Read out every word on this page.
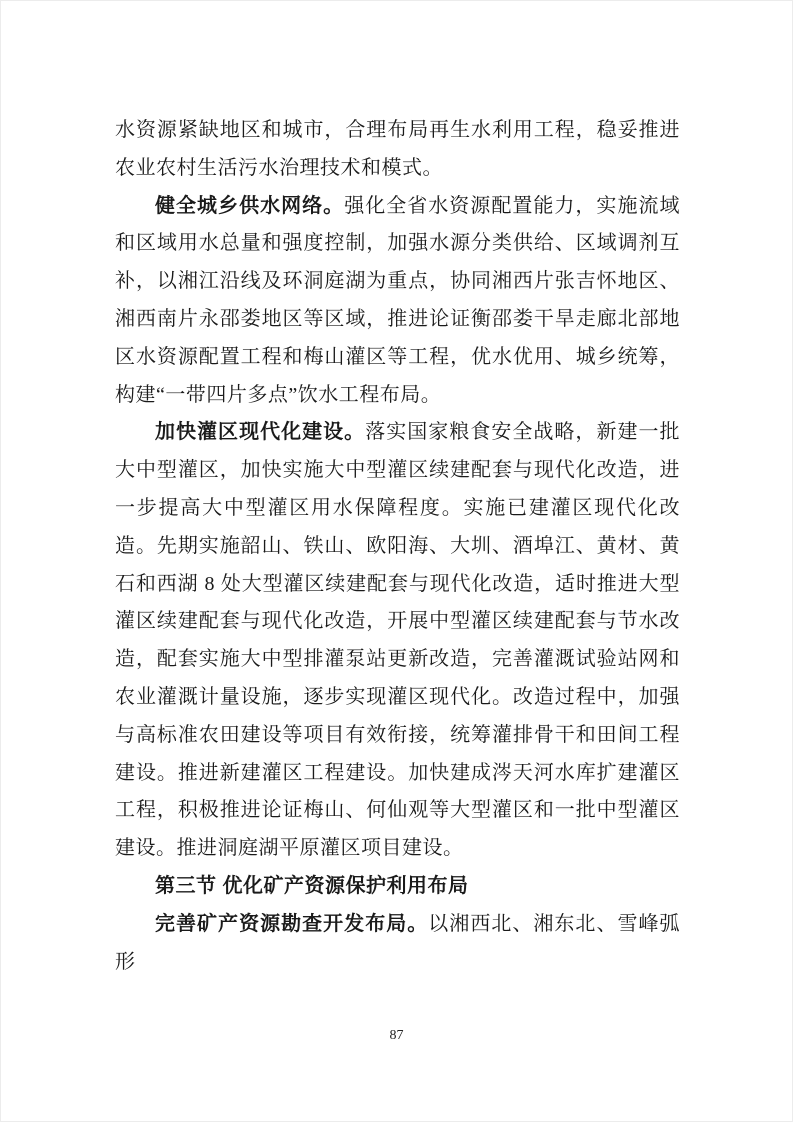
水资源紧缺地区和城市，合理布局再生水利用工程，稳妥推进农业农村生活污水治理技术和模式。

健全城乡供水网络。强化全省水资源配置能力，实施流域和区域用水总量和强度控制，加强水源分类供给、区域调剂互补，以湘江沿线及环洞庭湖为重点，协同湘西片张吉怀地区、湘西南片永邵娄地区等区域，推进论证衡邵娄干旱走廊北部地区水资源配置工程和梅山灌区等工程，优水优用、城乡统筹，构建“一带四片多点”饮水工程布局。

加快灌区现代化建设。落实国家粮食安全战略，新建一批大中型灌区，加快实施大中型灌区续建配套与现代化改造，进一步提高大中型灌区用水保障程度。实施已建灌区现代化改造。先期实施韶山、铁山、欧阳海、大圳、酒埠江、黄材、黄石和西湖 8 处大型灌区续建配套与现代化改造，适时推进大型灌区续建配套与现代化改造，开展中型灌区续建配套与节水改造，配套实施大中型排灌泵站更新改造，完善灌溉试验站网和农业灌溉计量设施，逐步实现灌区现代化。改造过程中，加强与高标准农田建设等项目有效衔接，统筹灌排骨干和田间工程建设。推进新建灌区工程建设。加快建成涔天河水库扩建灌区工程，积极推进论证梅山、何仙观等大型灌区和一批中型灌区建设。推进洞庭湖平原灌区项目建设。

第三节 优化矿产资源保护利用布局

完善矿产资源勘查开发布局。以湘西北、湘东北、雪峰弧形

87
